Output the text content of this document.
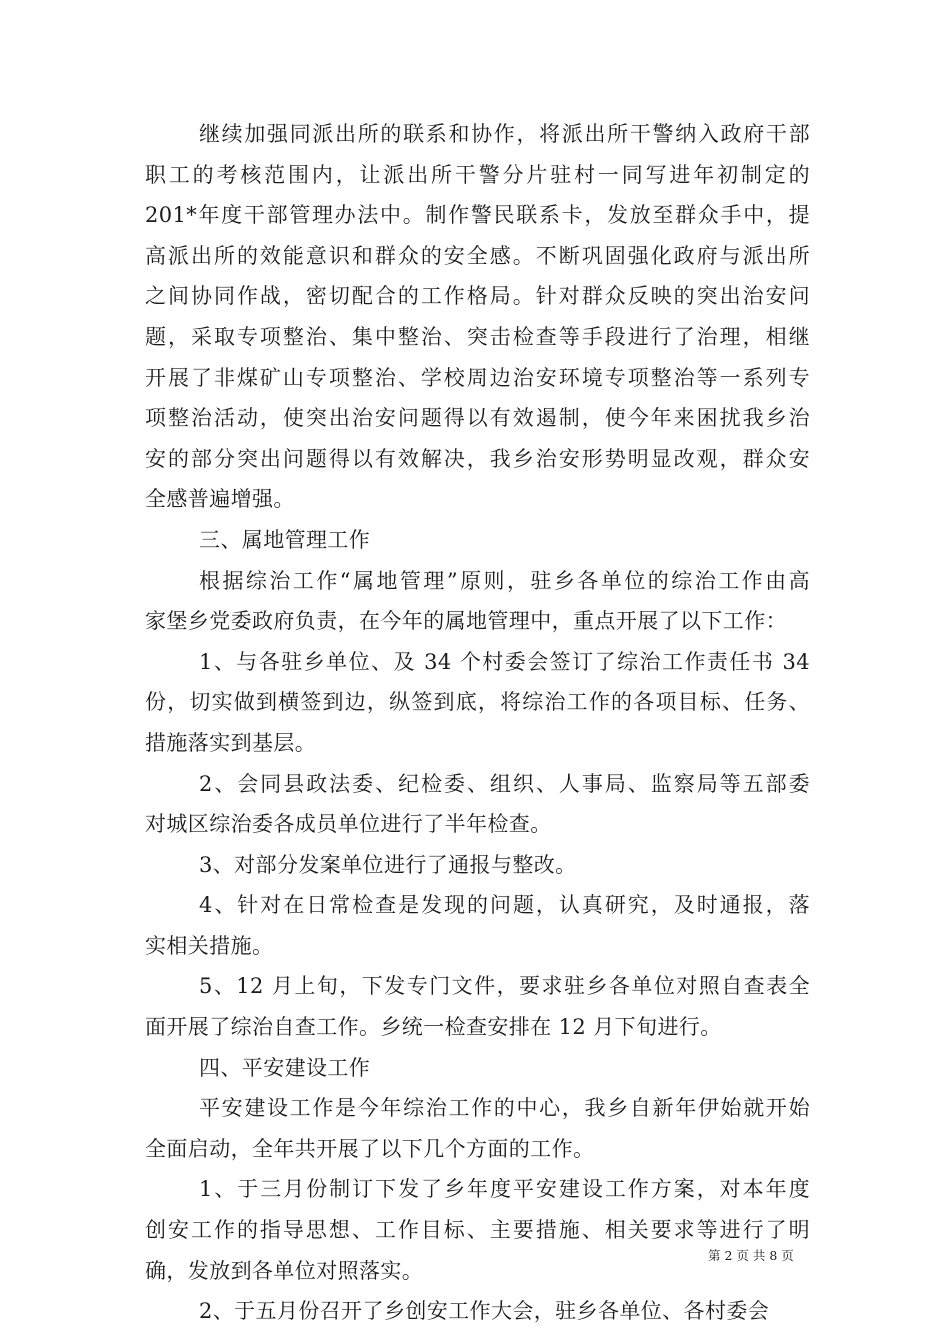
继续加强同派出所的联系和协作，将派出所干警纳入政府干部
职工的考核范围内，让派出所干警分片驻村一同写进年初制定的
201*年度干部管理办法中。制作警民联系卡，发放至群众手中，提
高派出所的效能意识和群众的安全感。不断巩固强化政府与派出所
之间协同作战，密切配合的工作格局。针对群众反映的突出治安问
题，采取专项整治、集中整治、突击检查等手段进行了治理，相继
开展了非煤矿山专项整治、学校周边治安环境专项整治等一系列专
项整治活动，使突出治安问题得以有效遏制，使今年来困扰我乡治
安的部分突出问题得以有效解决，我乡治安形势明显改观，群众安
全感普遍增强。
三、属地管理工作
根据综治工作“属地管理”原则，驻乡各单位的综治工作由高
家堡乡党委政府负责，在今年的属地管理中，重点开展了以下工作：
1、与各驻乡单位、及 34 个村委会签订了综治工作责任书 34
份，切实做到横签到边，纵签到底，将综治工作的各项目标、任务、
措施落实到基层。
2、会同县政法委、纪检委、组织、人事局、监察局等五部委
对城区综治委各成员单位进行了半年检查。
3、对部分发案单位进行了通报与整改。
4、针对在日常检查是发现的问题，认真研究，及时通报，落
实相关措施。
5、12 月上旬，下发专门文件，要求驻乡各单位对照自查表全
面开展了综治自查工作。乡统一检查安排在 12 月下旬进行。
四、平安建设工作
平安建设工作是今年综治工作的中心，我乡自新年伊始就开始
全面启动，全年共开展了以下几个方面的工作。
1、于三月份制订下发了乡年度平安建设工作方案，对本年度
创安工作的指导思想、工作目标、主要措施、相关要求等进行了明
确，发放到各单位对照落实。
2、于五月份召开了乡创安工作大会，驻乡各单位、各村委会
第 2 页 共 8 页
